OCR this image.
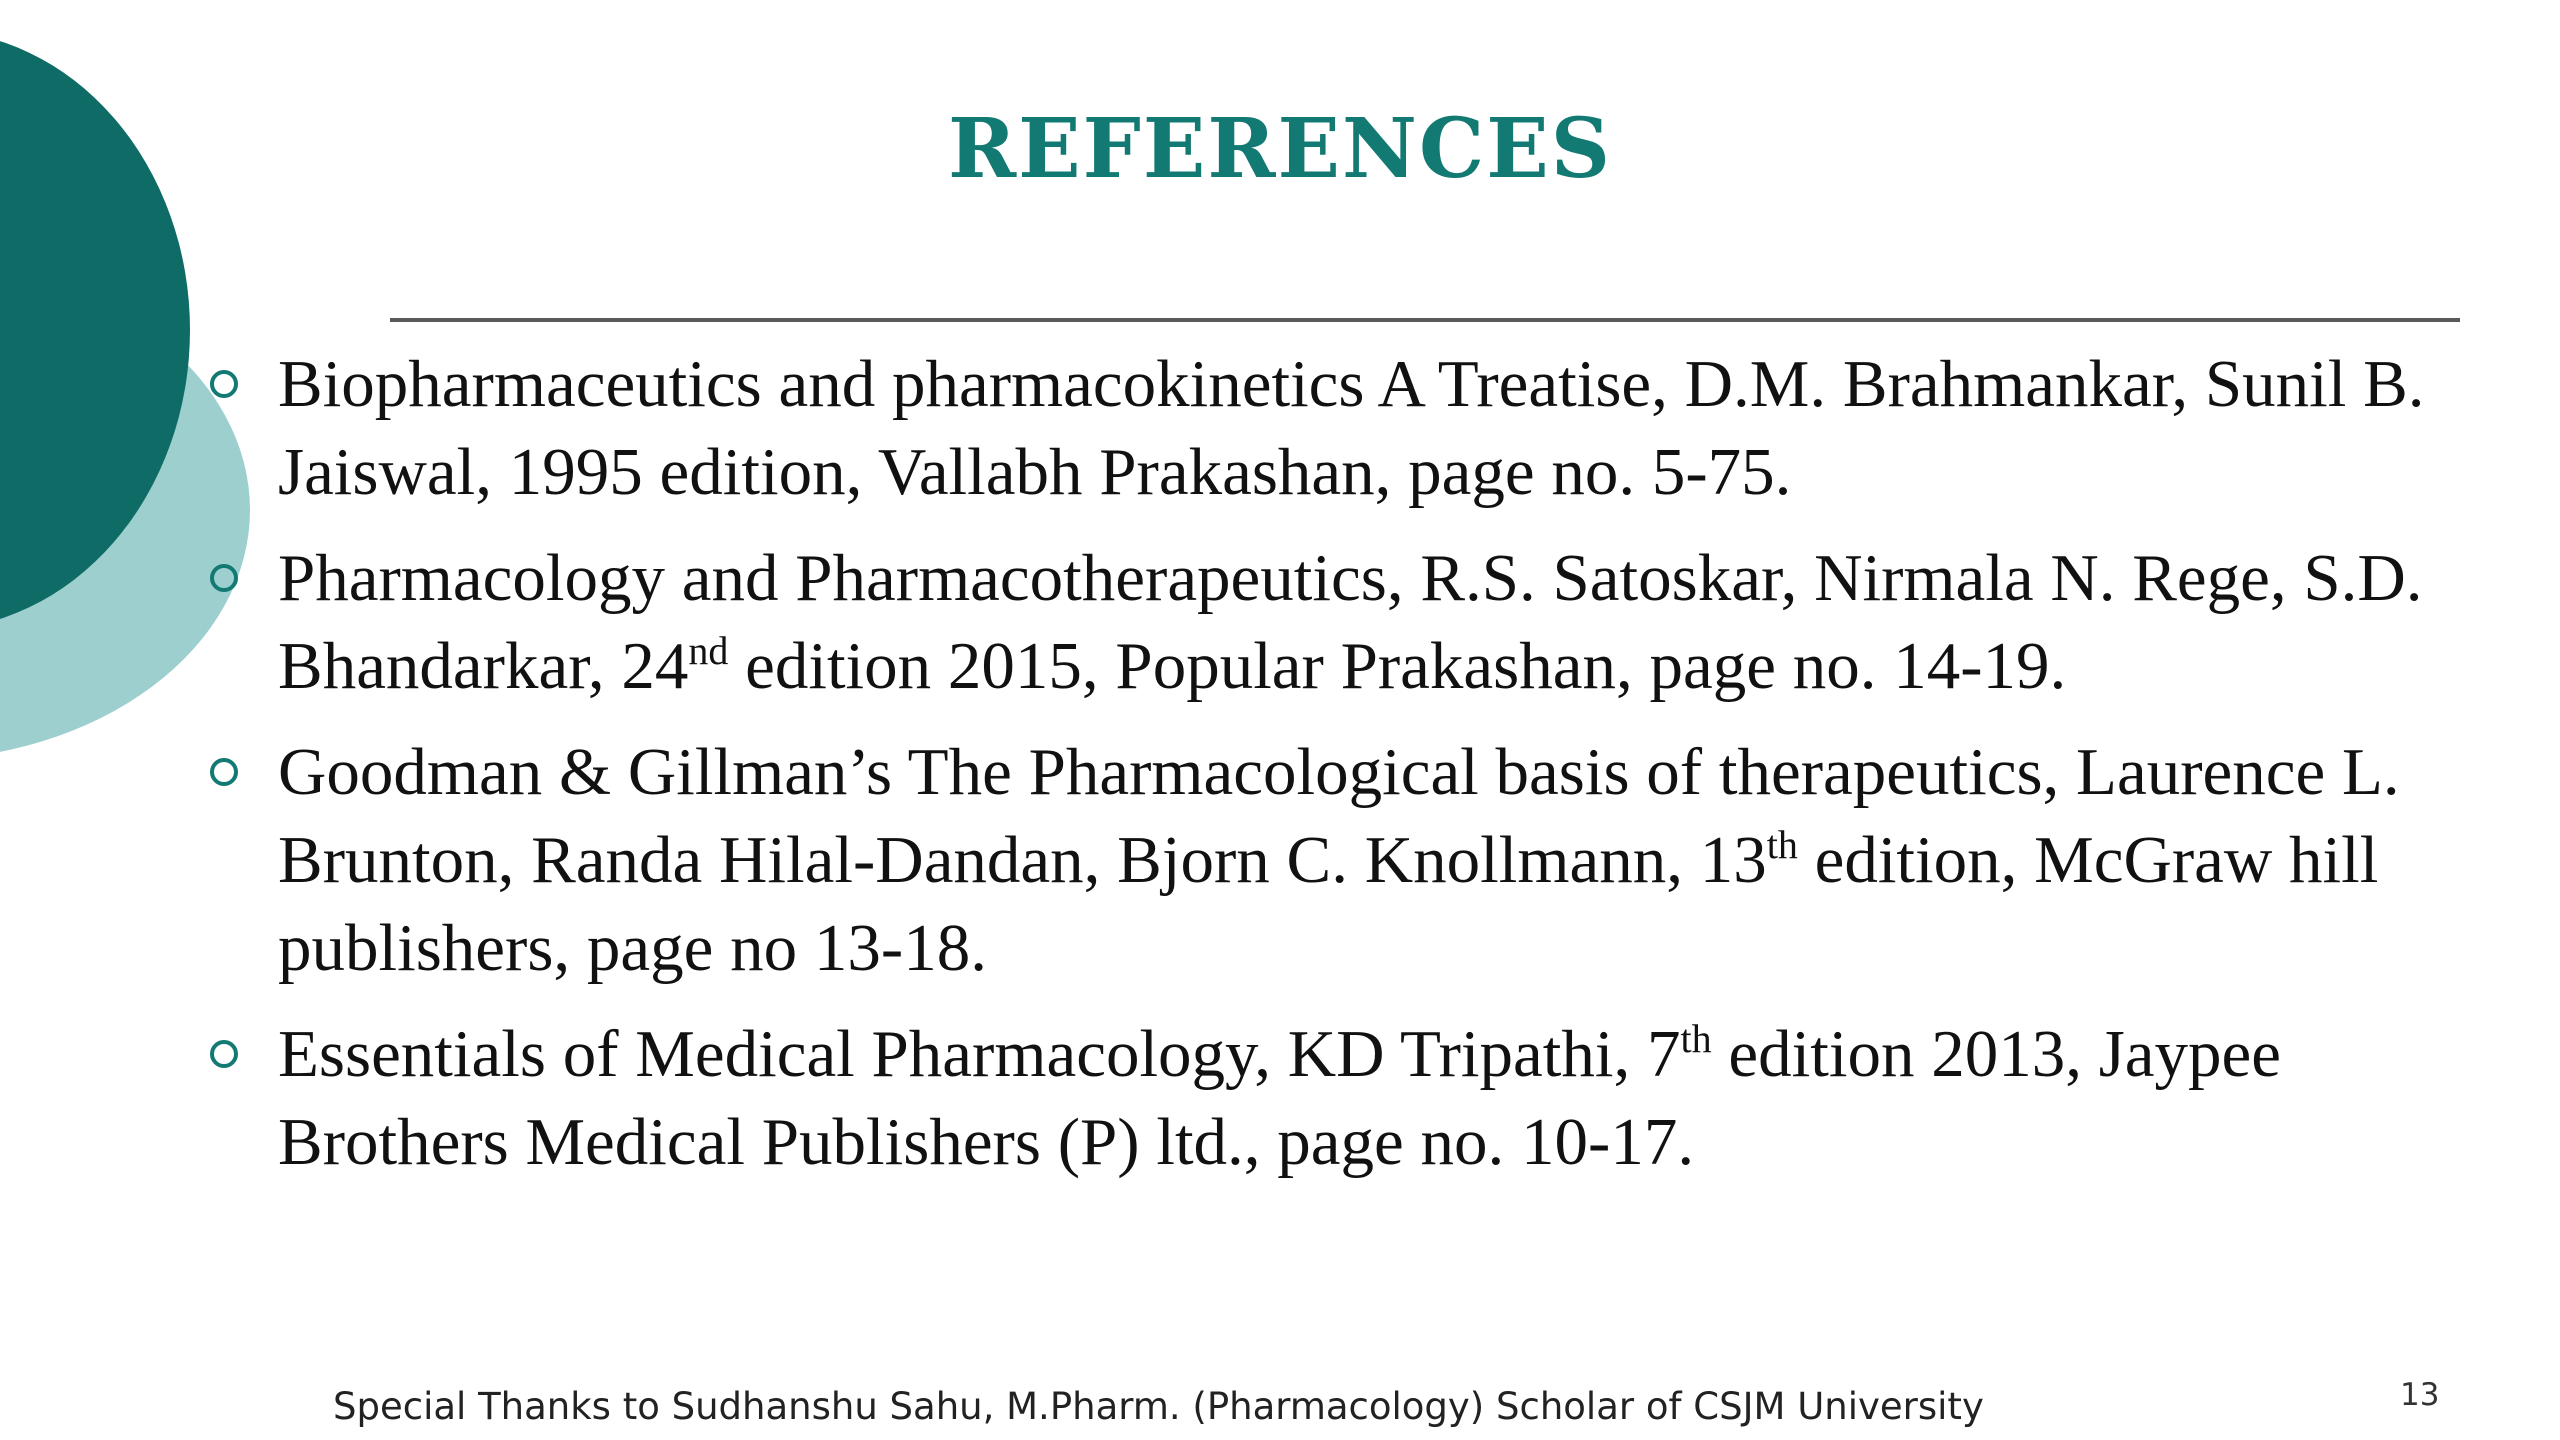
REFERENCES
Biopharmaceutics and pharmacokinetics A Treatise, D.M. Brahmankar, Sunil B. Jaiswal, 1995 edition, Vallabh Prakashan, page no. 5-75.
Pharmacology and Pharmacotherapeutics, R.S. Satoskar, Nirmala N. Rege, S.D. Bhandarkar, 24nd edition 2015, Popular Prakashan, page no. 14-19.
Goodman & Gillman’s The Pharmacological basis of therapeutics, Laurence L. Brunton, Randa Hilal-Dandan, Bjorn C. Knollmann, 13th edition, McGraw hill publishers, page no 13-18.
Essentials of Medical Pharmacology, KD Tripathi, 7th edition 2013, Jaypee Brothers Medical Publishers (P) ltd., page no. 10-17.
Special Thanks to Sudhanshu Sahu, M.Pharm. (Pharmacology) Scholar of CSJM University	13
